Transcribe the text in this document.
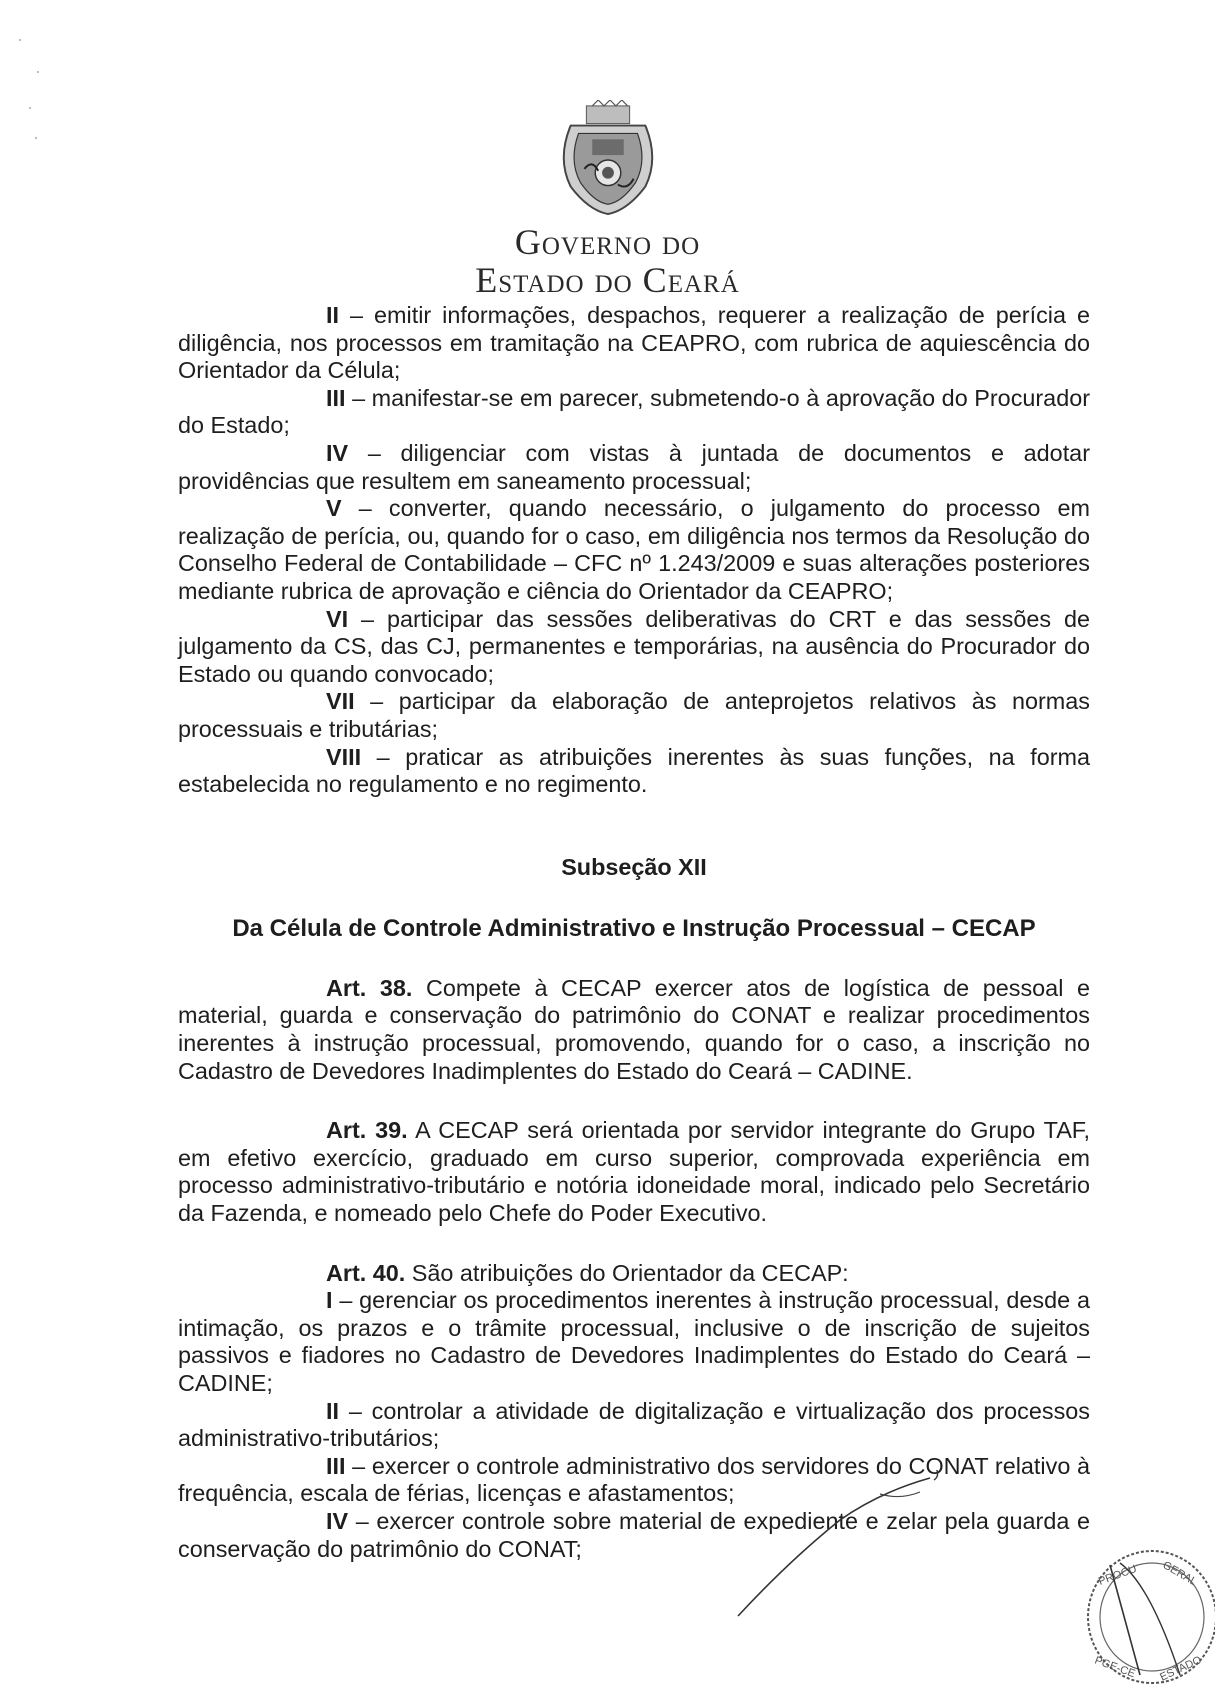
Governo do
Estado do Ceará

II – emitir informações, despachos, requerer a realização de perícia e diligência, nos processos em tramitação na CEAPRO, com rubrica de aquiescência do Orientador da Célula;

III – manifestar-se em parecer, submetendo-o à aprovação do Procurador do Estado;

IV – diligenciar com vistas à juntada de documentos e adotar providências que resultem em saneamento processual;

V – converter, quando necessário, o julgamento do processo em realização de perícia, ou, quando for o caso, em diligência nos termos da Resolução do Conselho Federal de Contabilidade – CFC nº 1.243/2009 e suas alterações posteriores mediante rubrica de aprovação e ciência do Orientador da CEAPRO;

VI – participar das sessões deliberativas do CRT e das sessões de julgamento da CS, das CJ, permanentes e temporárias, na ausência do Procurador do Estado ou quando convocado;

VII – participar da elaboração de anteprojetos relativos às normas processuais e tributárias;

VIII – praticar as atribuições inerentes às suas funções, na forma estabelecida no regulamento e no regimento.

Subseção XII

Da Célula de Controle Administrativo e Instrução Processual – CECAP

Art. 38. Compete à CECAP exercer atos de logística de pessoal e material, guarda e conservação do patrimônio do CONAT e realizar procedimentos inerentes à instrução processual, promovendo, quando for o caso, a inscrição no Cadastro de Devedores Inadimplentes do Estado do Ceará – CADINE.

Art. 39. A CECAP será orientada por servidor integrante do Grupo TAF, em efetivo exercício, graduado em curso superior, comprovada experiência em processo administrativo-tributário e notória idoneidade moral, indicado pelo Secretário da Fazenda, e nomeado pelo Chefe do Poder Executivo.

Art. 40. São atribuições do Orientador da CECAP:

I – gerenciar os procedimentos inerentes à instrução processual, desde a intimação, os prazos e o trâmite processual, inclusive o de inscrição de sujeitos passivos e fiadores no Cadastro de Devedores Inadimplentes do Estado do Ceará – CADINE;

II – controlar a atividade de digitalização e virtualização dos processos administrativo-tributários;

III – exercer o controle administrativo dos servidores do CONAT relativo à frequência, escala de férias, licenças e afastamentos;

IV – exercer controle sobre material de expediente e zelar pela guarda e conservação do patrimônio do CONAT;

PROCU GERAL
PGE-CE ESTADO
